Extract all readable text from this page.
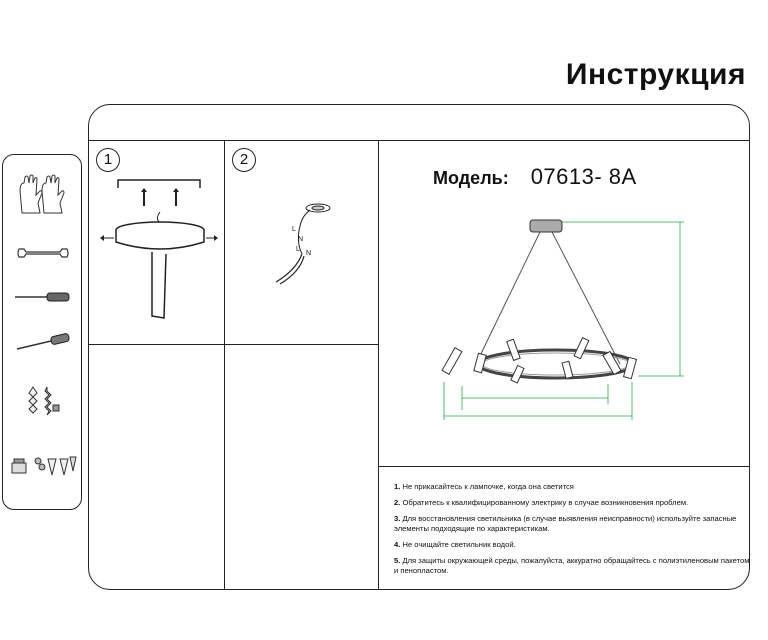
Инструкция
1	2
L
N
L
N
Модель: 07613- 8A
1. Не прикасайтесь к лампочке, когда она светится
2. Обратитесь к квалифицированному электрику в случае возникновения проблем.
3. Для восстановления светильника (в случае выявления неисправности) используйте запасные элементы подходящие по характеристикам.
4. Не очищайте светильник водой.
5. Для защиты окружающей среды, пожалуйста, аккуратно обращайтесь с полиэтиленовым пакетом и пенопластом.
